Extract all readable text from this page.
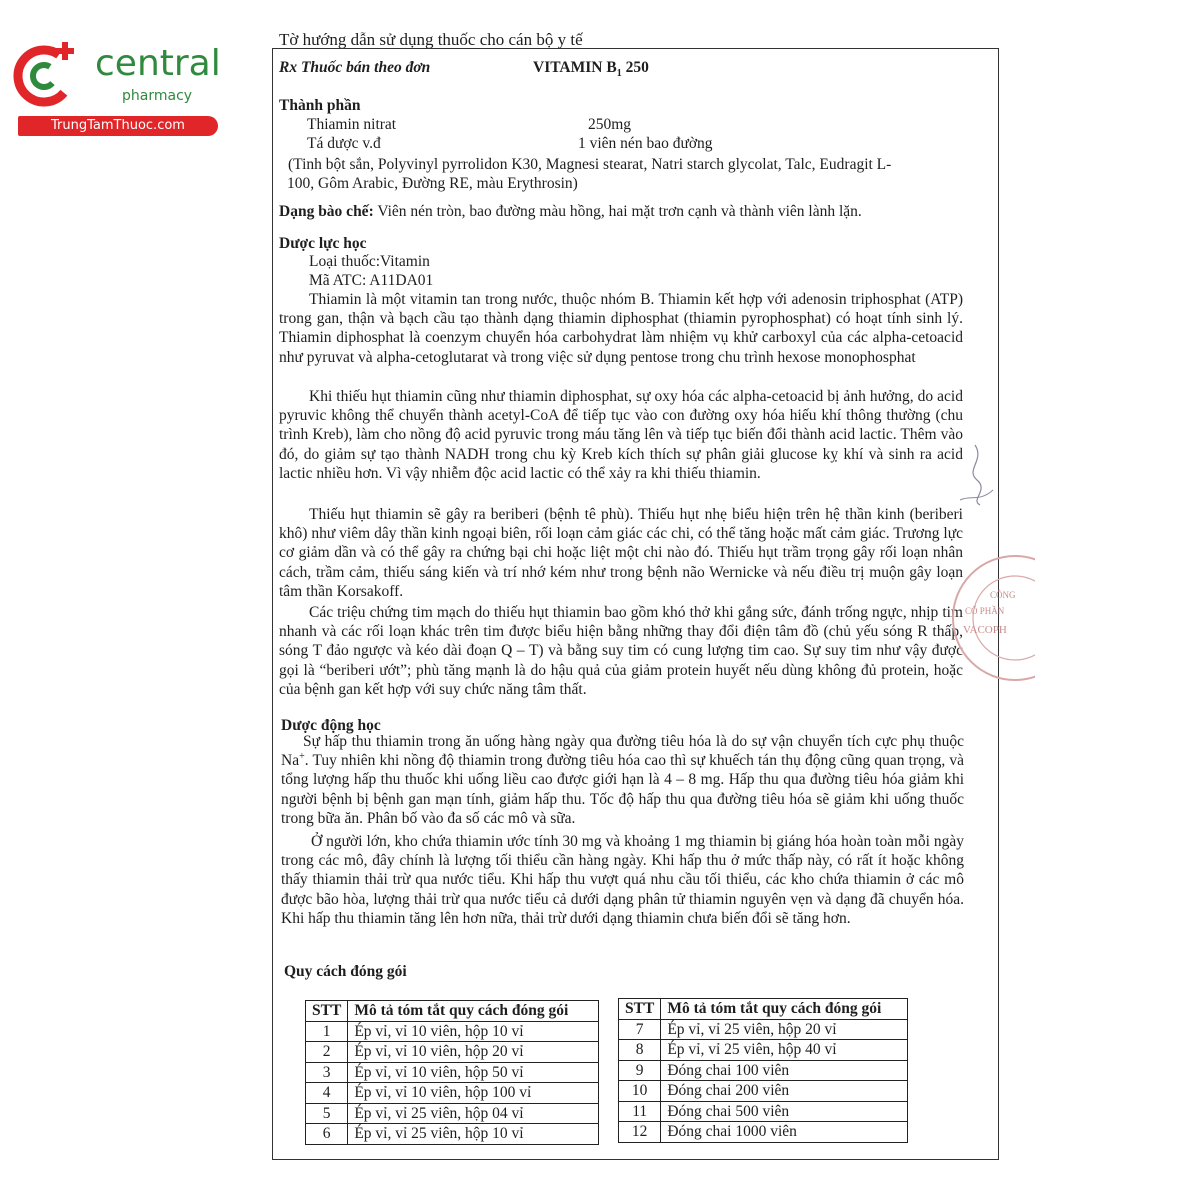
central
pharmacy
TrungTamThuoc.com
Tờ hướng dẫn sử dụng thuốc cho cán bộ y tế
Rx Thuốc bán theo đơn	VITAMIN $B_1$ 250
Thành phần
Thiamin nitrat	250mg
Tá dược v.đ	1 viên nén bao đường
(Tinh bột sắn, Polyvinyl pyrrolidon K30, Magnesi stearat, Natri starch glycolat, Talc, Eudragit L-
100, Gôm Arabic, Đường RE, màu Erythrosin)
Dạng bào chế: Viên nén tròn, bao đường màu hồng, hai mặt trơn cạnh và thành viên lành lặn.
Dược lực học
Loại thuốc:Vitamin
Mã ATC: A11DA01

Thiamin là một vitamin tan trong nước, thuộc nhóm B. Thiamin kết hợp với adenosin triphosphat (ATP) trong gan, thận và bạch cầu tạo thành dạng thiamin diphosphat (thiamin pyrophosphat) có hoạt tính sinh lý. Thiamin diphosphat là coenzym chuyển hóa carbohydrat làm nhiệm vụ khử carboxyl của các alpha-cetoacid như pyruvat và alpha-cetoglutarat và trong việc sử dụng pentose trong chu trình hexose monophosphat

Khi thiếu hụt thiamin cũng như thiamin diphosphat, sự oxy hóa các alpha-cetoacid bị ảnh hưởng, do acid pyruvic không thể chuyển thành acetyl-CoA để tiếp tục vào con đường oxy hóa hiếu khí thông thường (chu trình Kreb), làm cho nồng độ acid pyruvic trong máu tăng lên và tiếp tục biến đổi thành acid lactic. Thêm vào đó, do giảm sự tạo thành NADH trong chu kỳ Kreb kích thích sự phân giải glucose kỵ khí và sinh ra acid lactic nhiều hơn. Vì vậy nhiễm độc acid lactic có thể xảy ra khi thiếu thiamin.

Thiếu hụt thiamin sẽ gây ra beriberi (bệnh tê phù). Thiếu hụt nhẹ biểu hiện trên hệ thần kinh (beriberi khô) như viêm dây thần kinh ngoại biên, rối loạn cảm giác các chi, có thể tăng hoặc mất cảm giác. Trương lực cơ giảm dần và có thể gây ra chứng bại chi hoặc liệt một chi nào đó. Thiếu hụt trầm trọng gây rối loạn nhân cách, trầm cảm, thiếu sáng kiến và trí nhớ kém như trong bệnh não Wernicke và nếu điều trị muộn gây loạn tâm thần Korsakoff.

Các triệu chứng tim mạch do thiếu hụt thiamin bao gồm khó thở khi gắng sức, đánh trống ngực, nhịp tim nhanh và các rối loạn khác trên tim được biểu hiện bằng những thay đổi điện tâm đồ (chủ yếu sóng R thấp, sóng T đảo ngược và kéo dài đoạn Q – T) và bằng suy tim có cung lượng tim cao. Sự suy tim như vậy được gọi là “beriberi ướt”; phù tăng mạnh là do hậu quả của giảm protein huyết nếu dùng không đủ protein, hoặc của bệnh gan kết hợp với suy chức năng tâm thất.

Dược động học

Sự hấp thu thiamin trong ăn uống hàng ngày qua đường tiêu hóa là do sự vận chuyển tích cực phụ thuộc Na+. Tuy nhiên khi nồng độ thiamin trong đường tiêu hóa cao thì sự khuếch tán thụ động cũng quan trọng, và tổng lượng hấp thu thuốc khi uống liều cao được giới hạn là 4 – 8 mg. Hấp thu qua đường tiêu hóa giảm khi người bệnh bị bệnh gan mạn tính, giảm hấp thu. Tốc độ hấp thu qua đường tiêu hóa sẽ giảm khi uống thuốc trong bữa ăn. Phân bố vào đa số các mô và sữa.

Ở người lớn, kho chứa thiamin ước tính 30 mg và khoảng 1 mg thiamin bị giáng hóa hoàn toàn mỗi ngày trong các mô, đây chính là lượng tối thiểu cần hàng ngày. Khi hấp thu ở mức thấp này, có rất ít hoặc không thấy thiamin thải trừ qua nước tiểu. Khi hấp thu vượt quá nhu cầu tối thiểu, các kho chứa thiamin ở các mô được bão hòa, lượng thải trừ qua nước tiểu cả dưới dạng phân tử thiamin nguyên vẹn và dạng đã chuyển hóa. Khi hấp thu thiamin tăng lên hơn nữa, thải trừ dưới dạng thiamin chưa biến đổi sẽ tăng hơn.

Quy cách đóng gói
STT	Mô tả tóm tắt quy cách đóng gói
1	Ép vỉ, vỉ 10 viên, hộp 10 vỉ
2	Ép vỉ, vỉ 10 viên, hộp 20 vỉ
3	Ép vỉ, vỉ 10 viên, hộp 50 vỉ
4	Ép vỉ, vỉ 10 viên, hộp 100 vỉ
5	Ép vỉ, vỉ 25 viên, hộp 04 vỉ
6	Ép vỉ, vỉ 25 viên, hộp 10 vỉ
STT	Mô tả tóm tắt quy cách đóng gói
7	Ép vỉ, vỉ 25 viên, hộp 20 vỉ
8	Ép vỉ, vỉ 25 viên, hộp 40 vỉ
9	Đóng chai 100 viên
10	Đóng chai 200 viên
11	Đóng chai 500 viên
12	Đóng chai 1000 viên
CÔNG
CỔ PHẦN
VACOPH
